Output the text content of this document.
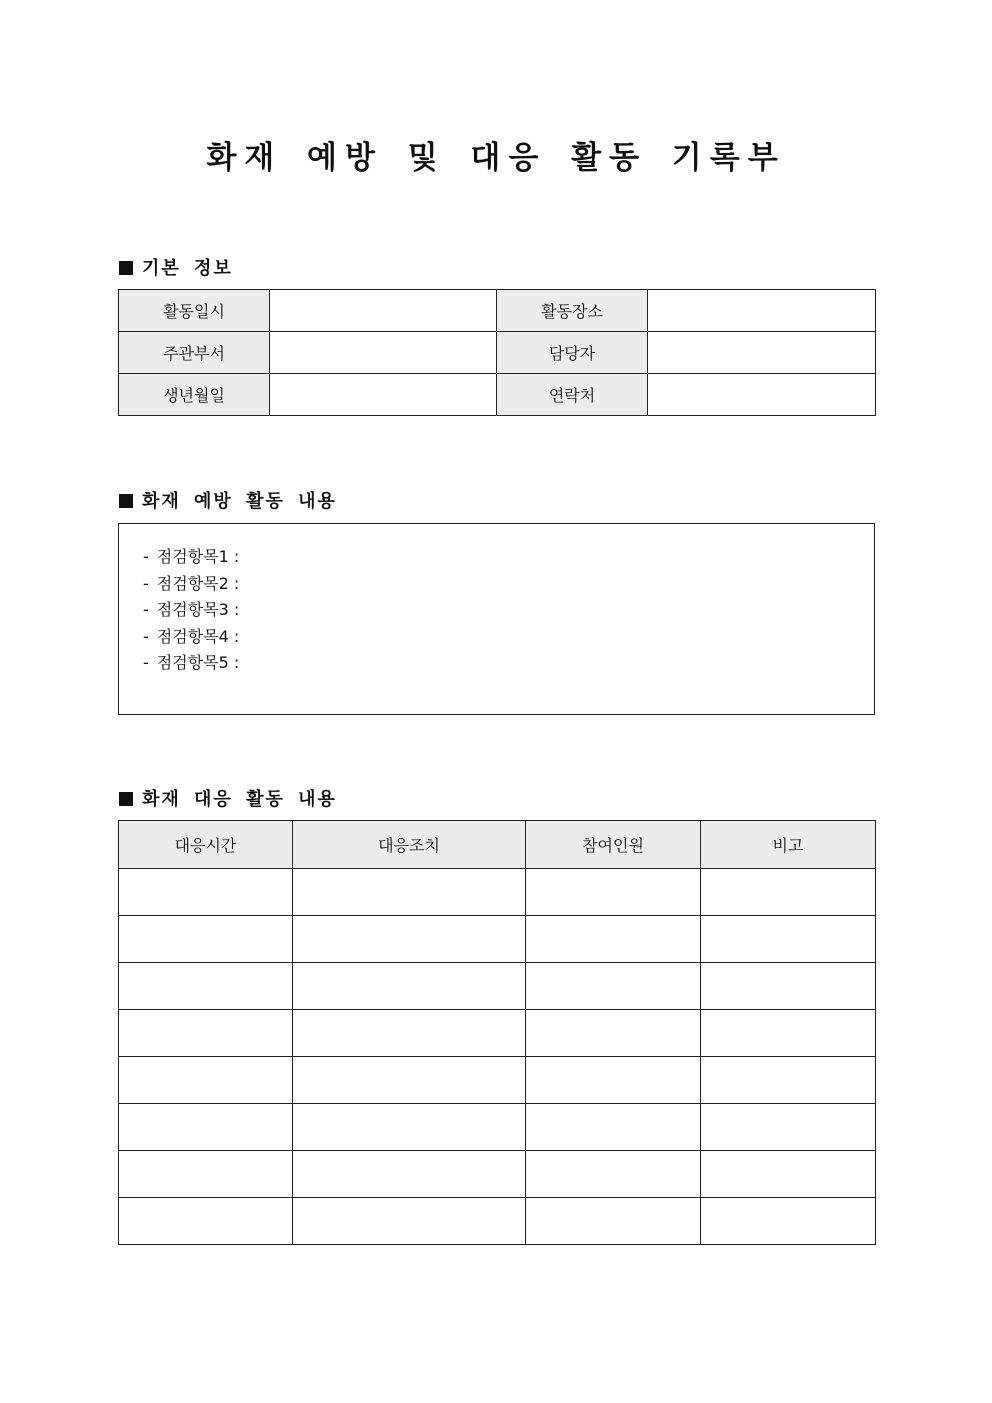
화재 예방 및 대응 활동 기록부
기본 정보
활동일시		활동장소	
주관부서		담당자	
생년월일		연락처	
화재 예방 활동 내용
- 점검항목1 :
- 점검항목2 :
- 점검항목3 :
- 점검항목4 :
- 점검항목5 :
화재 대응 활동 내용
대응시간	대응조치	참여인원	비고
